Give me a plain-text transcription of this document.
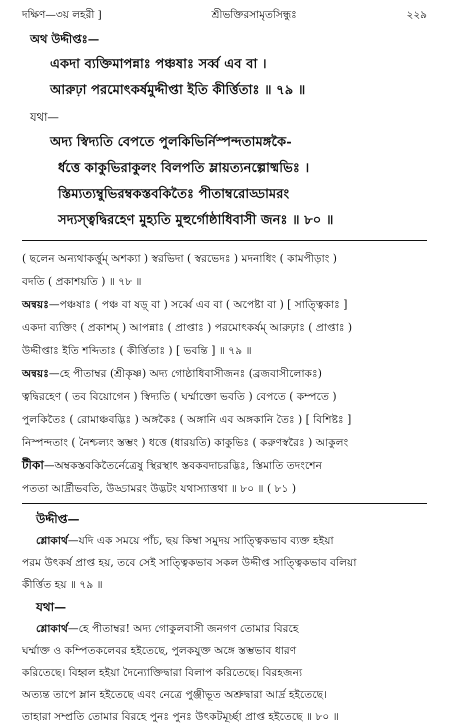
দক্ষিণ—৩য় লহরী ]	শ্রীভক্তিরসামৃতসিন্ধুঃ	২২৯
অথ উদ্দীপ্তঃ—
একদা ব্যক্তিমাপন্নাঃ পঞ্চষাঃ সর্ব্ব এব বা ।
আরুঢ়া পরমোৎকর্ষমুদ্দীপ্তা ইতি কীর্ত্তিতাঃ ॥ ৭৯ ॥
যথা—
অদ্য স্বিদ্যতি বেপতে পুলকিভির্নিস্পন্দতামঙ্গকৈ-
র্ধত্তে কাকুভিরাকুলং বিলপতি ম্লায়ত্যনল্পোষ্মভিঃ ।
স্তিম্যত্যম্বুভিরম্বকস্তবকিতৈঃ পীতাম্বরোড্ডামরং
সদ্যস্ত্বদ্বিরহেণ মুহ্যতি মুহুর্গোষ্ঠাধিবাসী জনঃ ॥ ৮০ ॥
( ছলেন অন্যথাকর্ত্তুম্ অশক্যা ) স্বরভিদা ( স্বরভেদঃ ) মদনাধিং ( কামপীড়াং )
বদতি ( প্রকাশয়তি ) ॥ ৭৮ ॥
অন্বয়ঃ—পঞ্চষাঃ ( পঞ্চ বা ষড়্ বা ) সর্ব্বে এব বা ( অপেষ্টা বা ) [ সাত্ত্বিকাঃ ]
একদা ব্যক্তিং ( প্রকাশম্ ) আপন্নাঃ ( প্রাপ্তাঃ ) পরমোৎকর্ষম্ আরুঢ়াঃ ( প্রাপ্তাঃ )
উদ্দীপ্তাঃ ইতি শব্দিতাঃ ( কীর্ত্তিতাঃ ) [ ভবন্তি ] ॥ ৭৯ ॥
অন্বয়ঃ—হে পীতাম্বর (শ্রীকৃষ্ণ) অদ্য গোষ্ঠাধিবাসীজনঃ (ব্রজবাসীলোকঃ)
ত্বদ্বিরহেণ ( তব বিয়োগেন ) স্বিদ্যতি ( ঘর্ম্মাক্তো ভবতি ) বেপতে ( কম্পতে )
পুলকিতৈঃ ( রোমাঞ্চবদ্ভিঃ ) অঙ্গকৈঃ ( অঙ্গানি এব অঙ্গকানি তৈঃ ) [ বিশিষ্টঃ ]
নিস্পন্দতাং ( নৈশ্চল্যং স্তম্ভং ) ধত্তে (ধারয়তি) কাকুভিঃ ( করুণস্বরৈঃ ) আকুলং
টীকা—অম্বকস্তবকিতৈর্নেত্রেষু স্থিরস্থাৎ স্তবকবদাচরদ্ভিঃ, স্তিমাতি তদংশেন
পততা আর্দ্রীভবতি, উড্ডামরং উদ্ভটং যথাস্যাত্তথা ॥ ৮০ ॥ ( ৮১ )
উদ্দীপ্ত—
শ্লোকার্থ—যদি এক সময়ে পাঁচ, ছয় কিম্বা সমুদয় সাত্ত্বিকভাব ব্যক্ত হইয়া
পরম উৎকর্ষ প্রাপ্ত হয়, তবে সেই সাত্ত্বিকভাব সকল উদ্দীপ্ত সাত্ত্বিকভাব বলিয়া
কীর্ত্তিত হয় ॥ ৭৯ ॥
যথা—
শ্লোকার্থ—হে পীতাম্বর! অদ্য গোকুলবাসী জনগণ তোমার বিরহে
ঘর্ম্মাক্ত ও কম্পিতকলেবর হইতেছে, পুলকযুক্ত অঙ্গে স্তম্ভভাব ধারণ
করিতেছে। বিহ্বল হইয়া দৈন্যোক্তিদ্বারা বিলাপ করিতেছে। বিরহজন্য
অত্যন্ত তাপে ম্লান হইতেছে এবং নেত্রে পুঞ্জীভূত অশ্রুদ্বারা আর্দ্র হইতেছে।
তাহারা সম্প্রতি তোমার বিরহে পুনঃ পুনঃ উৎকটমূর্চ্ছা প্রাপ্ত হইতেছে ॥ ৮০ ॥
